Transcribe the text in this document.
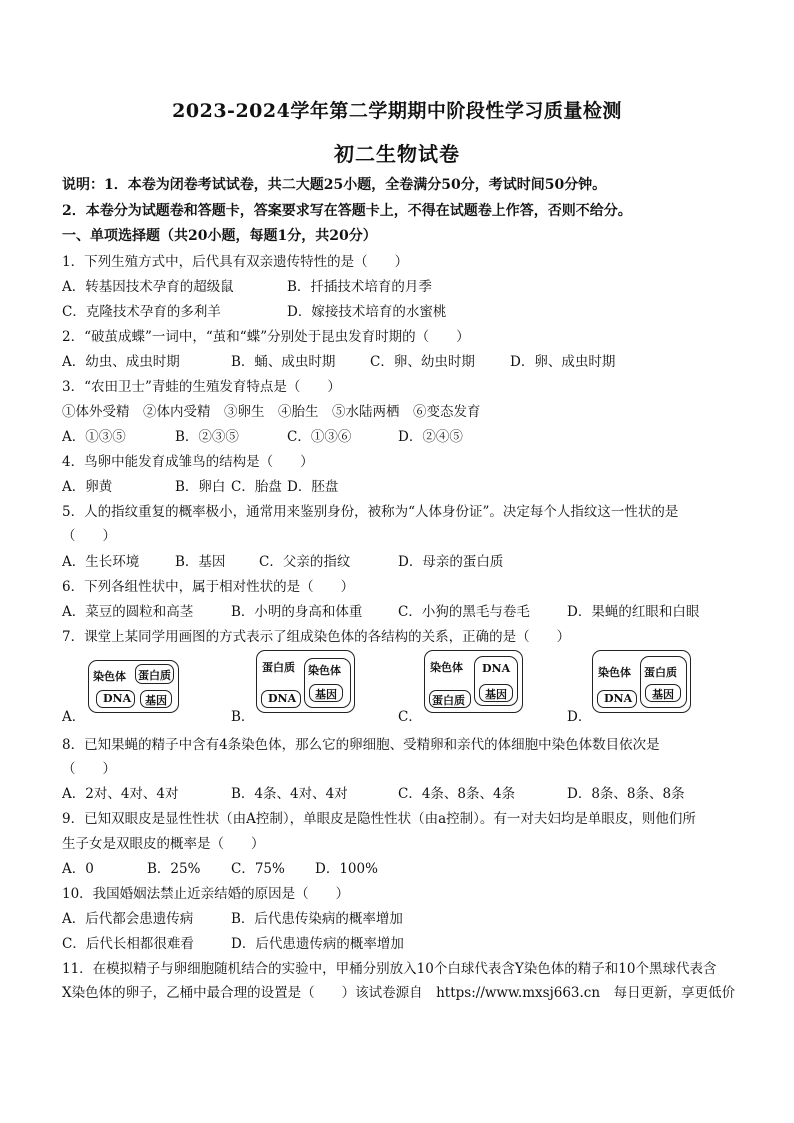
2023-2024学年第二学期期中阶段性学习质量检测
初二生物试卷
说明：1．本卷为闭卷考试试卷，共二大题25小题，全卷满分50分，考试时间50分钟。
2．本卷分为试题卷和答题卡，答案要求写在答题卡上，不得在试题卷上作答，否则不给分。
一、单项选择题（共20小题，每题1分，共20分）
1．下列生殖方式中，后代具有双亲遗传特性的是（　　）
A．转基因技术孕育的超级鼠	B．扦插技术培育的月季
C．克隆技术孕育的多利羊	D．嫁接技术培育的水蜜桃
2．“破茧成蝶”一词中，“茧和“蝶”分别处于昆虫发育时期的（　　）
A．幼虫、成虫时期	B．蛹、成虫时期	C．卵、幼虫时期	D．卵、成虫时期
3．“农田卫士”青蛙的生殖发育特点是（　　）
①体外受精　②体内受精　③卵生　④胎生　⑤水陆两栖　⑥变态发育
A．①③⑤	B．②③⑤	C．①③⑥	D．②④⑤
4．鸟卵中能发育成雏鸟的结构是（　　）
A．卵黄	B．卵白 C．胎盘 D．胚盘
5．人的指纹重复的概率极小，通常用来鉴别身份，被称为“人体身份证”。决定每个人指纹这一性状的是
（　　）
A．生长环境	B．基因 C．父亲的指纹	D．母亲的蛋白质
6．下列各组性状中，属于相对性状的是（　　）
A．菜豆的圆粒和高茎	B．小明的身高和体重	C．小狗的黑毛与卷毛	D．果蝇的红眼和白眼
7．课堂上某同学用画图的方式表示了组成染色体的各结构的关系，正确的是（　　）
染色体 蛋白质
DNA 基因
A．
蛋白质 染色体
DNA 基因
B．
染色体 DNA
蛋白质 基因
C．
染色体 蛋白质
DNA 基因
D．
8．已知果蝇的精子中含有4条染色体，那么它的卵细胞、受精卵和亲代的体细胞中染色体数目依次是
（　　）
A．2对、4对、4对	B．4条、4对、4对	C．4条、8条、4条	D．8条、8条、8条
9．已知双眼皮是显性性状（由A控制），单眼皮是隐性性状（由a控制）。有一对夫妇均是单眼皮，则他们所
生子女是双眼皮的概率是（　　）
A．0	B．25% C．75% D．100%
10．我国婚姻法禁止近亲结婚的原因是（　　）
A．后代都会患遗传病	B．后代患传染病的概率增加
C．后代长相都很难看	D．后代患遗传病的概率增加
11．在模拟精子与卵细胞随机结合的实验中，甲桶分别放入10个白球代表含Y染色体的精子和10个黑球代表含
X染色体的卵子，乙桶中最合理的设置是（　　）该试卷源自　https://www.mxsj663.cn　每日更新，享更低价
